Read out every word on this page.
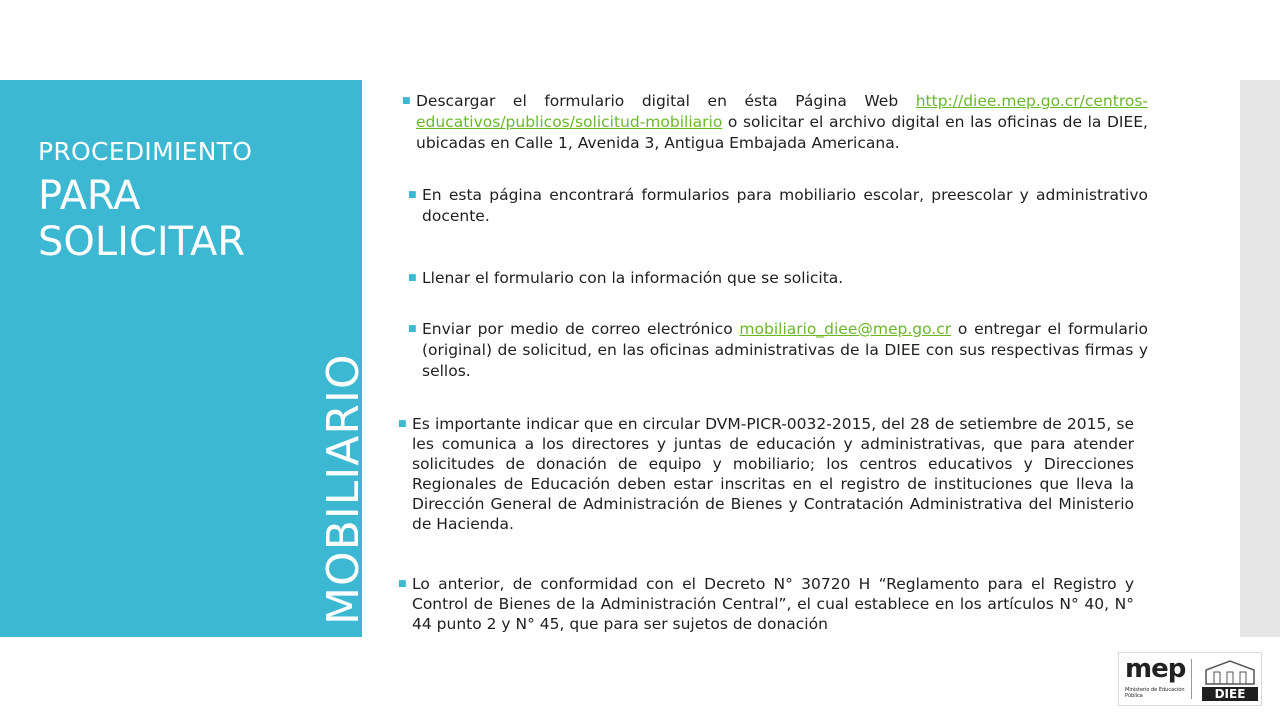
PROCEDIMIENTO
PARA
SOLICITAR
MOBILIARIO
■ Descargar el formulario digital en ésta Página Web http://diee.mep.go.cr/centros-educativos/publicos/solicitud-mobiliario o solicitar el archivo digital en las oficinas de la DIEE, ubicadas en Calle 1, Avenida 3, Antigua Embajada Americana.
■ En esta página encontrará formularios para mobiliario escolar, preescolar y administrativo docente.
■ Llenar el formulario con la información que se solicita.
■ Enviar por medio de correo electrónico mobiliario_diee@mep.go.cr o entregar el formulario (original) de solicitud, en las oficinas administrativas de la DIEE con sus respectivas firmas y sellos.
■ Es importante indicar que en circular DVM-PICR-0032-2015, del 28 de setiembre de 2015, se les comunica a los directores y juntas de educación y administrativas, que para atender solicitudes de donación de equipo y mobiliario; los centros educativos y Direcciones Regionales de Educación deben estar inscritas en el registro de instituciones que lleva la Dirección General de Administración de Bienes y Contratación Administrativa del Ministerio de Hacienda.
■ Lo anterior, de conformidad con el Decreto N° 30720 H “Reglamento para el Registro y Control de Bienes de la Administración Central”, el cual establece en los artículos N° 40, N° 44 punto 2 y N° 45, que para ser sujetos de donación
mep
Ministerio de Educación Pública	DIEE
